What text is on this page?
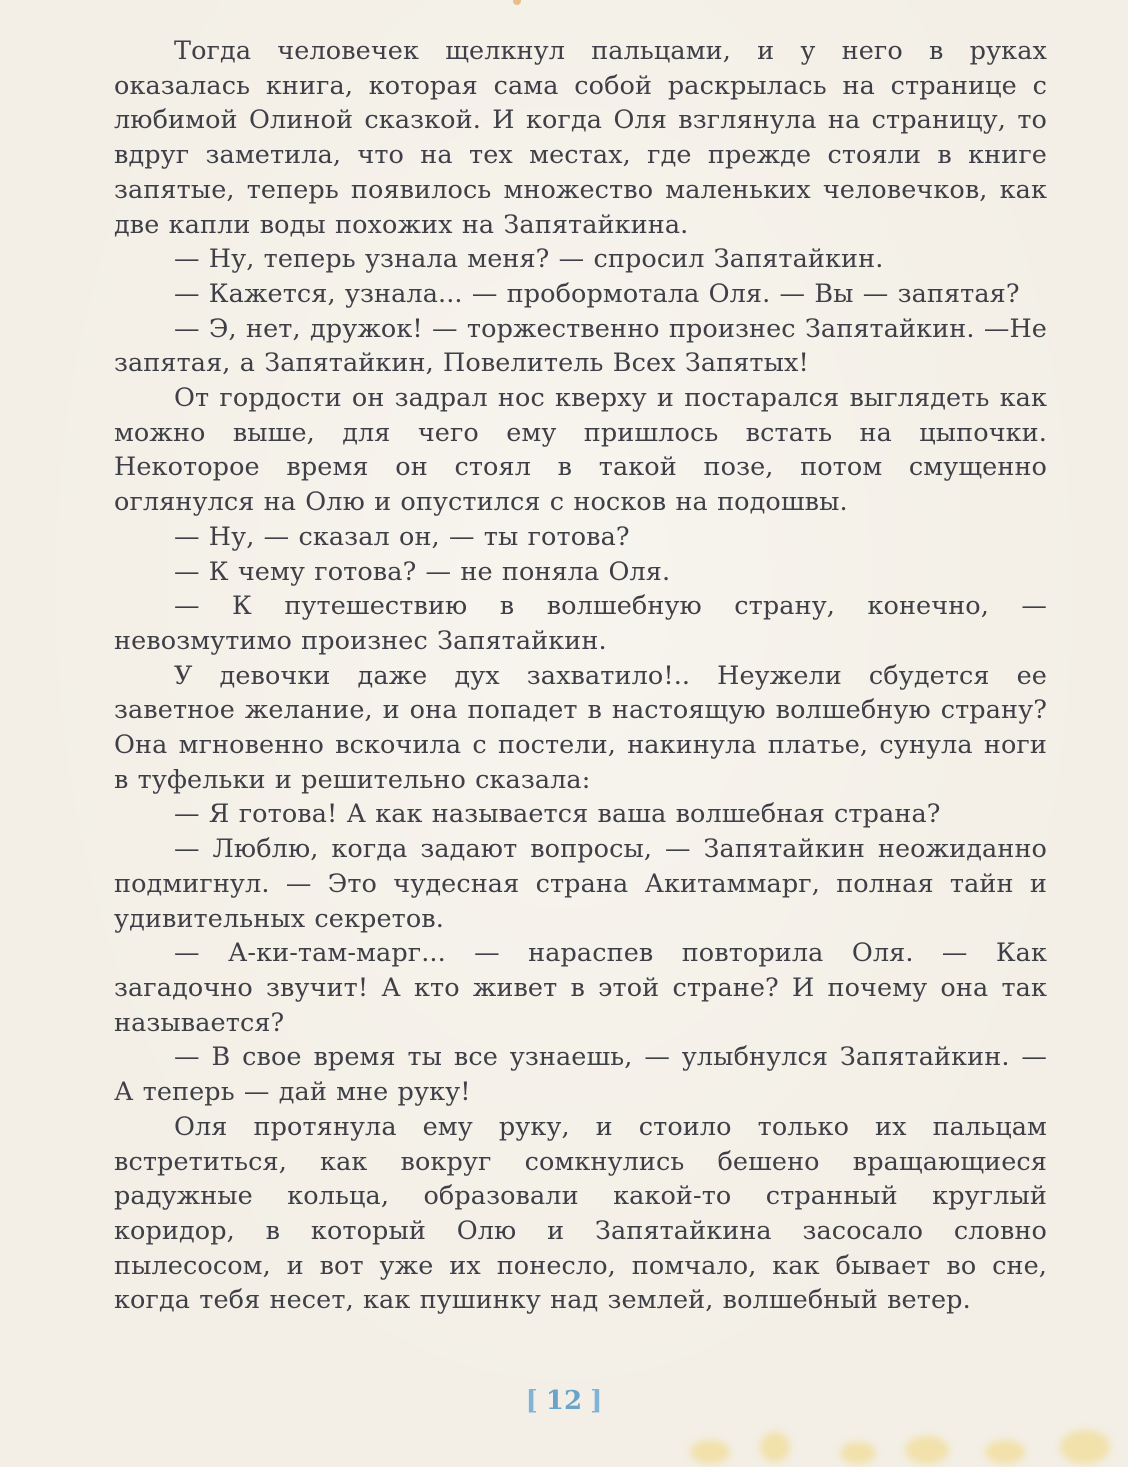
Тогда человечек щелкнул пальцами, и у него в руках оказалась книга, которая сама собой раскрылась на странице с любимой Олиной сказкой. И когда Оля взглянула на страницу, то вдруг заметила, что на тех местах, где прежде стояли в книге запятые, теперь появилось множество маленьких человечков, как две капли воды похожих на Запятайкина.

— Ну, теперь узнала меня? — спросил Запятайкин.

— Кажется, узнала... — пробормотала Оля. — Вы — запятая?

— Э, нет, дружок! — торжественно произнес Запятайкин. —Не запятая, а Запятайкин, Повелитель Всех Запятых!

От гордости он задрал нос кверху и постарался выглядеть как можно выше, для чего ему пришлось встать на цыпочки. Некоторое время он стоял в такой позе, потом смущенно оглянулся на Олю и опустился с носков на подошвы.

— Ну, — сказал он, — ты готова?

— К чему готова? — не поняла Оля.

— К путешествию в волшебную страну, конечно, — невозмутимо произнес Запятайкин.

У девочки даже дух захватило!.. Неужели сбудется ее заветное желание, и она попадет в настоящую волшебную страну? Она мгновенно вскочила с постели, накинула платье, сунула ноги в туфельки и решительно сказала:

— Я готова! А как называется ваша волшебная страна?

— Люблю, когда задают вопросы, — Запятайкин неожиданно подмигнул. — Это чудесная страна Акитаммарг, полная тайн и удивительных секретов.

— А-ки-там-марг... — нараспев повторила Оля. — Как загадочно звучит! А кто живет в этой стране? И почему она так называется?

— В свое время ты все узнаешь, — улыбнулся Запятайкин. — А теперь — дай мне руку!

Оля протянула ему руку, и стоило только их пальцам встретиться, как вокруг сомкнулись бешено вращающиеся радужные кольца, образовали какой-то странный круглый коридор, в который Олю и Запятайкина засосало словно пылесосом, и вот уже их понесло, помчало, как бывает во сне, когда тебя несет, как пушинку над землей, волшебный ветер.

[ 12 ]
